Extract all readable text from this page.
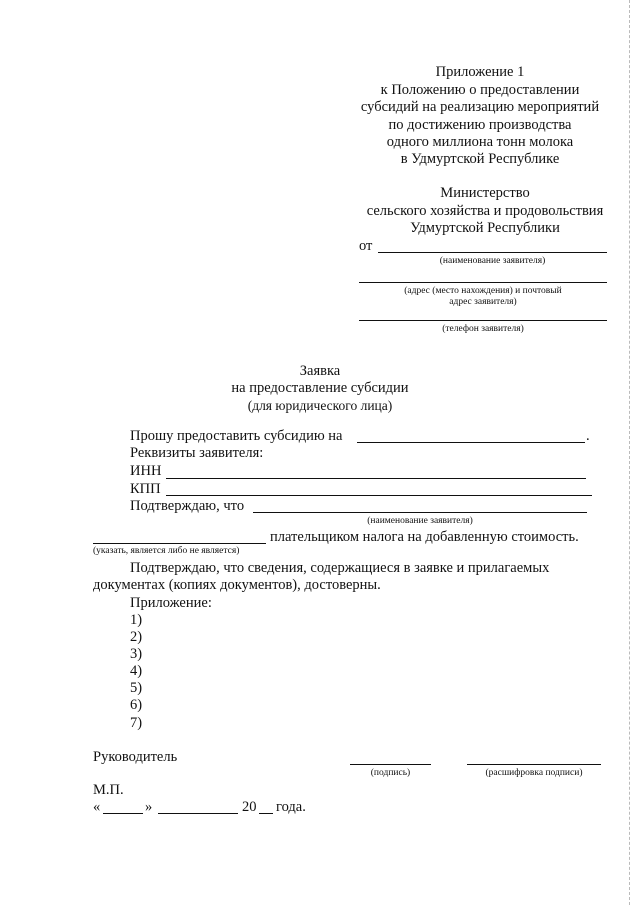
Приложение 1
к Положению о предоставлении
субсидий на реализацию мероприятий
по достижению производства
одного миллиона тонн молока
в Удмуртской Республике
Министерство
сельского хозяйства и продовольствия
Удмуртской Республики
от
(наименование заявителя)
(адрес (место нахождения) и почтовый
адрес заявителя)
(телефон заявителя)
Заявка
на предоставление субсидии
(для юридического лица)
Прошу предоставить субсидию на	.
Реквизиты заявителя:
ИНН
КПП
Подтверждаю, что
(наименование заявителя)
плательщиком налога на добавленную стоимость.
(указать, является либо не является)
Подтверждаю, что сведения, содержащиеся в заявке и прилагаемых
документах (копиях документов), достоверны.
Приложение:
1)
2)
3)
4)
5)
6)
7)
Руководитель
(подпись)	(расшифровка подписи)
М.П.
«	»	20 года.
